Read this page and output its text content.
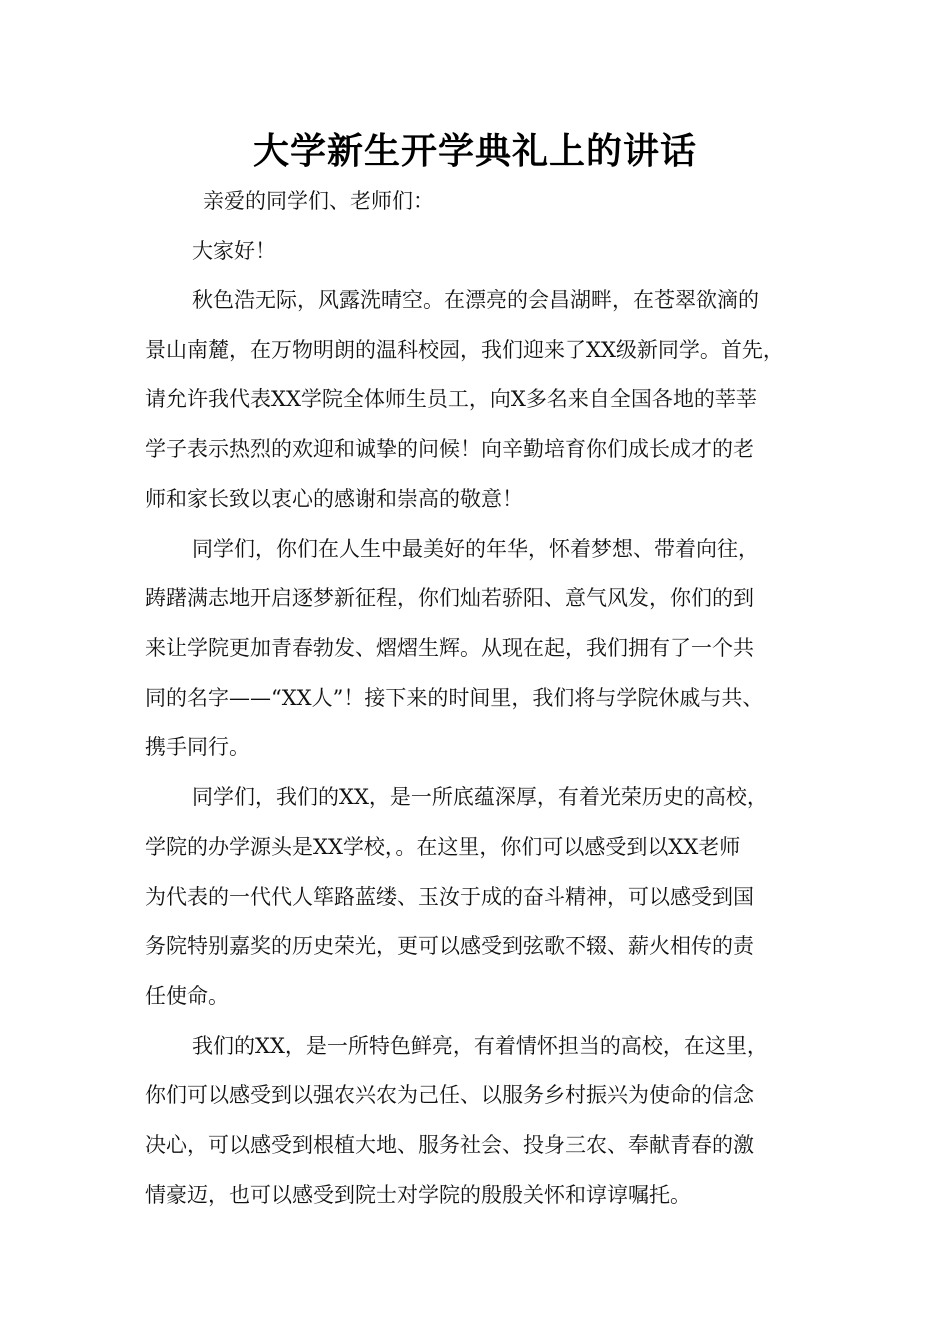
大学新生开学典礼上的讲话
亲爱的同学们、老师们：
大家好！
秋色浩无际，风露洗晴空。在漂亮的会昌湖畔，在苍翠欲滴的
景山南麓，在万物明朗的温科校园，我们迎来了XX级新同学。首先，
请允许我代表XX学院全体师生员工，向X多名来自全国各地的莘莘
学子表示热烈的欢迎和诚挚的问候！向辛勤培育你们成长成才的老
师和家长致以衷心的感谢和崇高的敬意！
同学们，你们在人生中最美好的年华，怀着梦想、带着向往，
踌躇满志地开启逐梦新征程，你们灿若骄阳、意气风发，你们的到
来让学院更加青春勃发、熠熠生辉。从现在起，我们拥有了一个共
同的名字——“XX人”！接下来的时间里，我们将与学院休戚与共、
携手同行。
同学们，我们的XX，是一所底蕴深厚，有着光荣历史的高校，
学院的办学源头是XX学校，。在这里，你们可以感受到以XX老师
为代表的一代代人筚路蓝缕、玉汝于成的奋斗精神，可以感受到国
务院特别嘉奖的历史荣光，更可以感受到弦歌不辍、薪火相传的责
任使命。
我们的XX，是一所特色鲜亮，有着情怀担当的高校，在这里，
你们可以感受到以强农兴农为己任、以服务乡村振兴为使命的信念
决心，可以感受到根植大地、服务社会、投身三农、奉献青春的激
情豪迈，也可以感受到院士对学院的殷殷关怀和谆谆嘱托。
